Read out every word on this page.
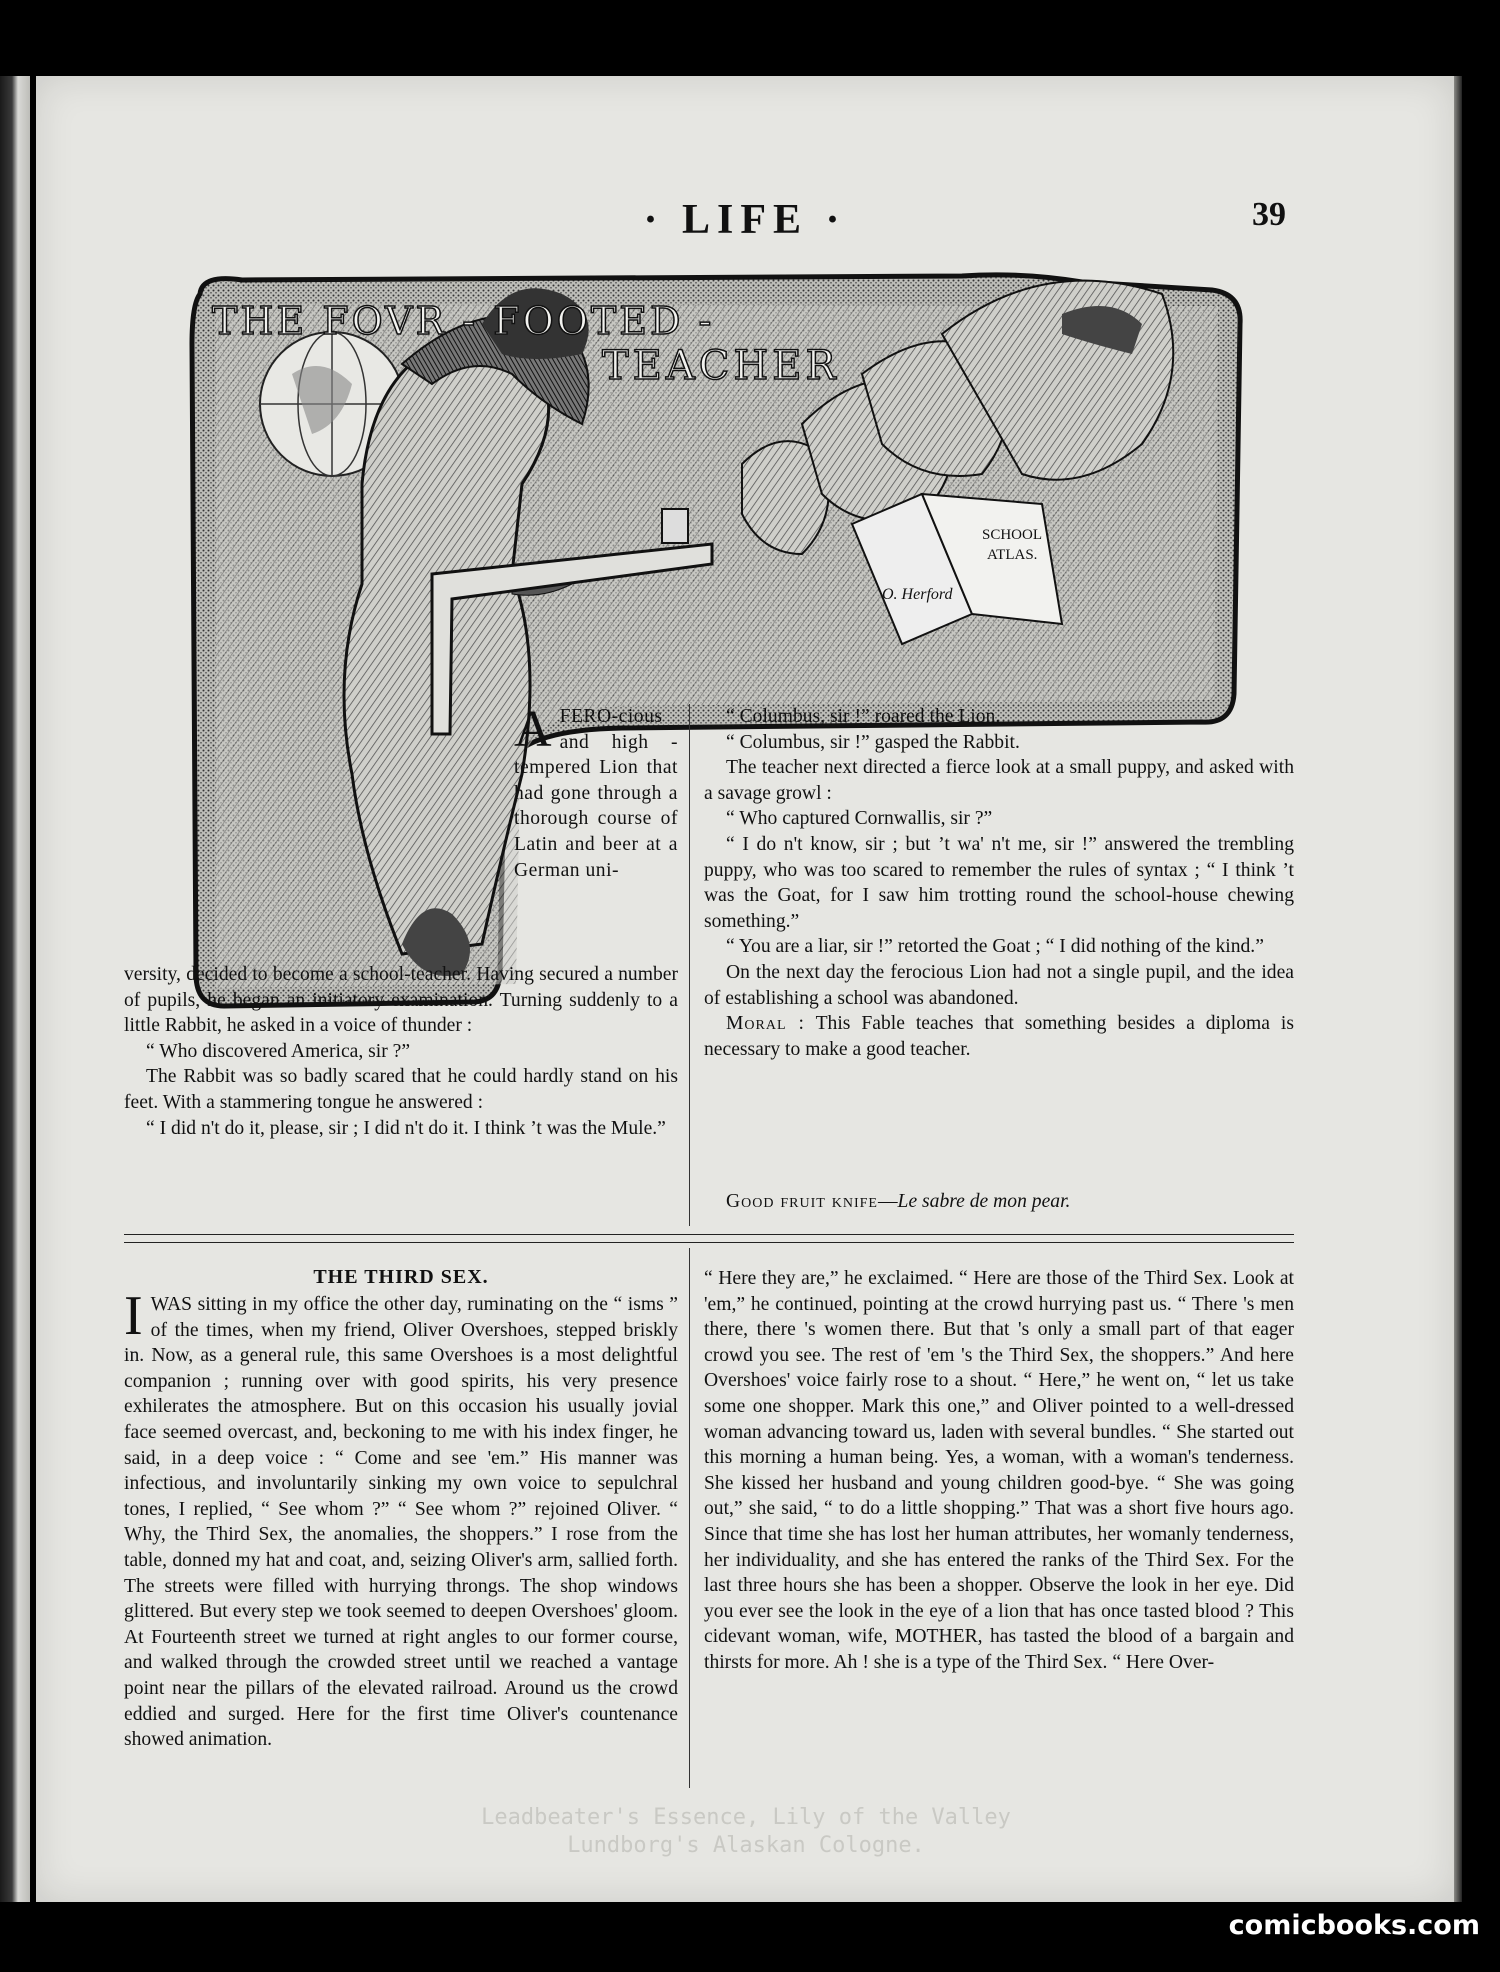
· LIFE ·	39
SCHOOL
ATLAS.
THE FOVR - FOOTED -
TEACHER
O. Herford
A FERO-cious and high - tempered Lion that had gone through a thorough course of Latin and beer at a German uni-

versity, decided to become a school-teacher. Having secured a number of pupils, he began an initiatory examination. Turning suddenly to a little Rabbit, he asked in a voice of thunder :

“ Who discovered America, sir ?”

The Rabbit was so badly scared that he could hardly stand on his feet. With a stammering tongue he answered :

“ I did n't do it, please, sir ; I did n't do it. I think ’t was the Mule.”

“ Columbus, sir !” roared the Lion.

“ Columbus, sir !” gasped the Rabbit.

The teacher next directed a fierce look at a small puppy, and asked with a savage growl :

“ Who captured Cornwallis, sir ?”

“ I do n't know, sir ; but ’t wa' n't me, sir !” answered the trembling puppy, who was too scared to remember the rules of syntax ; “ I think ’t was the Goat, for I saw him trotting round the school-house chewing something.”

“ You are a liar, sir !” retorted the Goat ; “ I did nothing of the kind.”

On the next day the ferocious Lion had not a single pupil, and the idea of establishing a school was abandoned.

Moral : This Fable teaches that something besides a diploma is necessary to make a good teacher.

Good fruit knife—Le sabre de mon pear.
THE THIRD SEX.

IWAS sitting in my office the other day, ruminating on the “ isms ” of the times, when my friend, Oliver Overshoes, stepped briskly in. Now, as a general rule, this same Overshoes is a most delightful companion ; running over with good spirits, his very presence exhilerates the atmosphere. But on this occasion his usually jovial face seemed overcast, and, beckoning to me with his index finger, he said, in a deep voice : “ Come and see 'em.” His manner was infectious, and involuntarily sinking my own voice to sepulchral tones, I replied, “ See whom ?” “ See whom ?” rejoined Oliver. “ Why, the Third Sex, the anomalies, the shoppers.” I rose from the table, donned my hat and coat, and, seizing Oliver's arm, sallied forth. The streets were filled with hurrying throngs. The shop windows glittered. But every step we took seemed to deepen Overshoes' gloom. At Fourteenth street we turned at right angles to our former course, and walked through the crowded street until we reached a vantage point near the pillars of the elevated railroad. Around us the crowd eddied and surged. Here for the first time Oliver's countenance showed animation.

“ Here they are,” he exclaimed. “ Here are those of the Third Sex. Look at 'em,” he continued, pointing at the crowd hurrying past us. “ There 's men there, there 's women there. But that 's only a small part of that eager crowd you see. The rest of 'em 's the Third Sex, the shoppers.” And here Overshoes' voice fairly rose to a shout. “ Here,” he went on, “ let us take some one shopper. Mark this one,” and Oliver pointed to a well-dressed woman advancing toward us, laden with several bundles. “ She started out this morning a human being. Yes, a woman, with a woman's tenderness. She kissed her husband and young children good-bye. “ She was going out,” she said, “ to do a little shopping.” That was a short five hours ago. Since that time she has lost her human attributes, her womanly tenderness, her individuality, and she has entered the ranks of the Third Sex. For the last three hours she has been a shopper. Observe the look in her eye. Did you ever see the look in the eye of a lion that has once tasted blood ? This cidevant woman, wife, MOTHER, has tasted the blood of a bargain and thirsts for more. Ah ! she is a type of the Third Sex. “ Here Over-

Leadbeater's Essence, Lily of the Valley
Lundborg's Alaskan Cologne.
comicbooks.com
